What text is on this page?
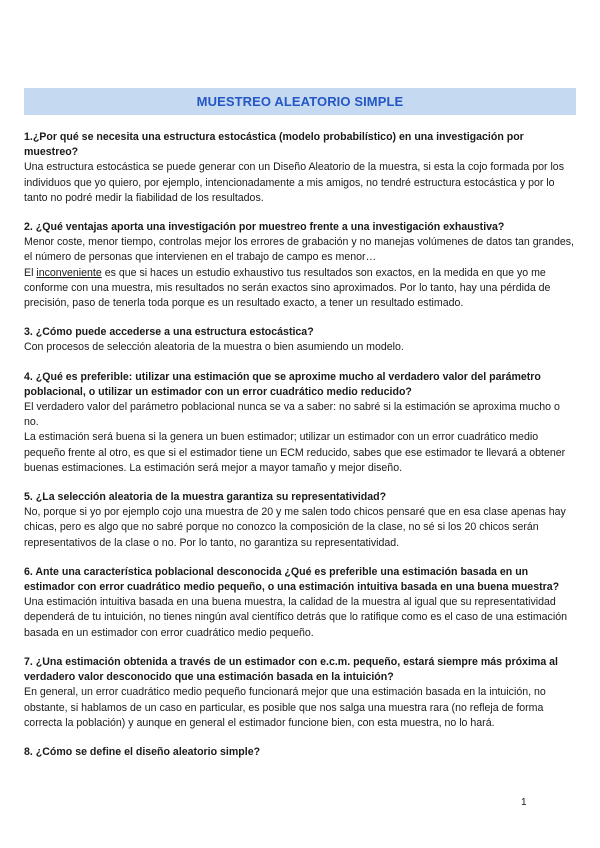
MUESTREO ALEATORIO SIMPLE

1.¿Por qué se necesita una estructura estocástica (modelo probabilístico) en una investigación por muestreo?

Una estructura estocástica se puede generar con un Diseño Aleatorio de la muestra, si esta la cojo formada por los individuos que yo quiero, por ejemplo, intencionadamente a mis amigos, no tendré estructura estocástica y por lo tanto no podré medir la fiabilidad de los resultados.

2. ¿Qué ventajas aporta una investigación por muestreo frente a una investigación exhaustiva?

Menor coste, menor tiempo, controlas mejor los errores de grabación y no manejas volúmenes de datos tan grandes, el número de personas que intervienen en el trabajo de campo es menor…

El inconveniente es que si haces un estudio exhaustivo tus resultados son exactos, en la medida en que yo me conforme con una muestra, mis resultados no serán exactos sino aproximados. Por lo tanto, hay una pérdida de precisión, paso de tenerla toda porque es un resultado exacto, a tener un resultado estimado.

3. ¿Cómo puede accederse a una estructura estocástica?

Con procesos de selección aleatoria de la muestra o bien asumiendo un modelo.

4. ¿Qué es preferible: utilizar una estimación que se aproxime mucho al verdadero valor del parámetro poblacional, o utilizar un estimador con un error cuadrático medio reducido?

El verdadero valor del parámetro poblacional nunca se va a saber: no sabré si la estimación se aproxima mucho o no.

La estimación será buena si la genera un buen estimador; utilizar un estimador con un error cuadrático medio pequeño frente al otro, es que si el estimador tiene un ECM reducido, sabes que ese estimador te llevará a obtener buenas estimaciones. La estimación será mejor a mayor tamaño y mejor diseño.

5. ¿La selección aleatoria de la muestra garantiza su representatividad?

No, porque si yo por ejemplo cojo una muestra de 20 y me salen todo chicos pensaré que en esa clase apenas hay chicas, pero es algo que no sabré porque no conozco la composición de la clase, no sé si los 20 chicos serán representativos de la clase o no. Por lo tanto, no garantiza su representatividad.

6. Ante una característica poblacional desconocida ¿Qué es preferible una estimación basada en un estimador con error cuadrático medio pequeño, o una estimación intuitiva basada en una buena muestra?

Una estimación intuitiva basada en una buena muestra, la calidad de la muestra al igual que su representatividad dependerá de tu intuición, no tienes ningún aval científico detrás que lo ratifique como es el caso de una estimación basada en un estimador con error cuadrático medio pequeño.

7. ¿Una estimación obtenida a través de un estimador con e.c.m. pequeño, estará siempre más próxima al verdadero valor desconocido que una estimación basada en la intuición?

En general, un error cuadrático medio pequeño funcionará mejor que una estimación basada en la intuición, no obstante, si hablamos de un caso en particular, es posible que nos salga una muestra rara (no refleja de forma correcta la población) y aunque en general el estimador funcione bien, con esta muestra, no lo hará.

8. ¿Cómo se define el diseño aleatorio simple?

1
